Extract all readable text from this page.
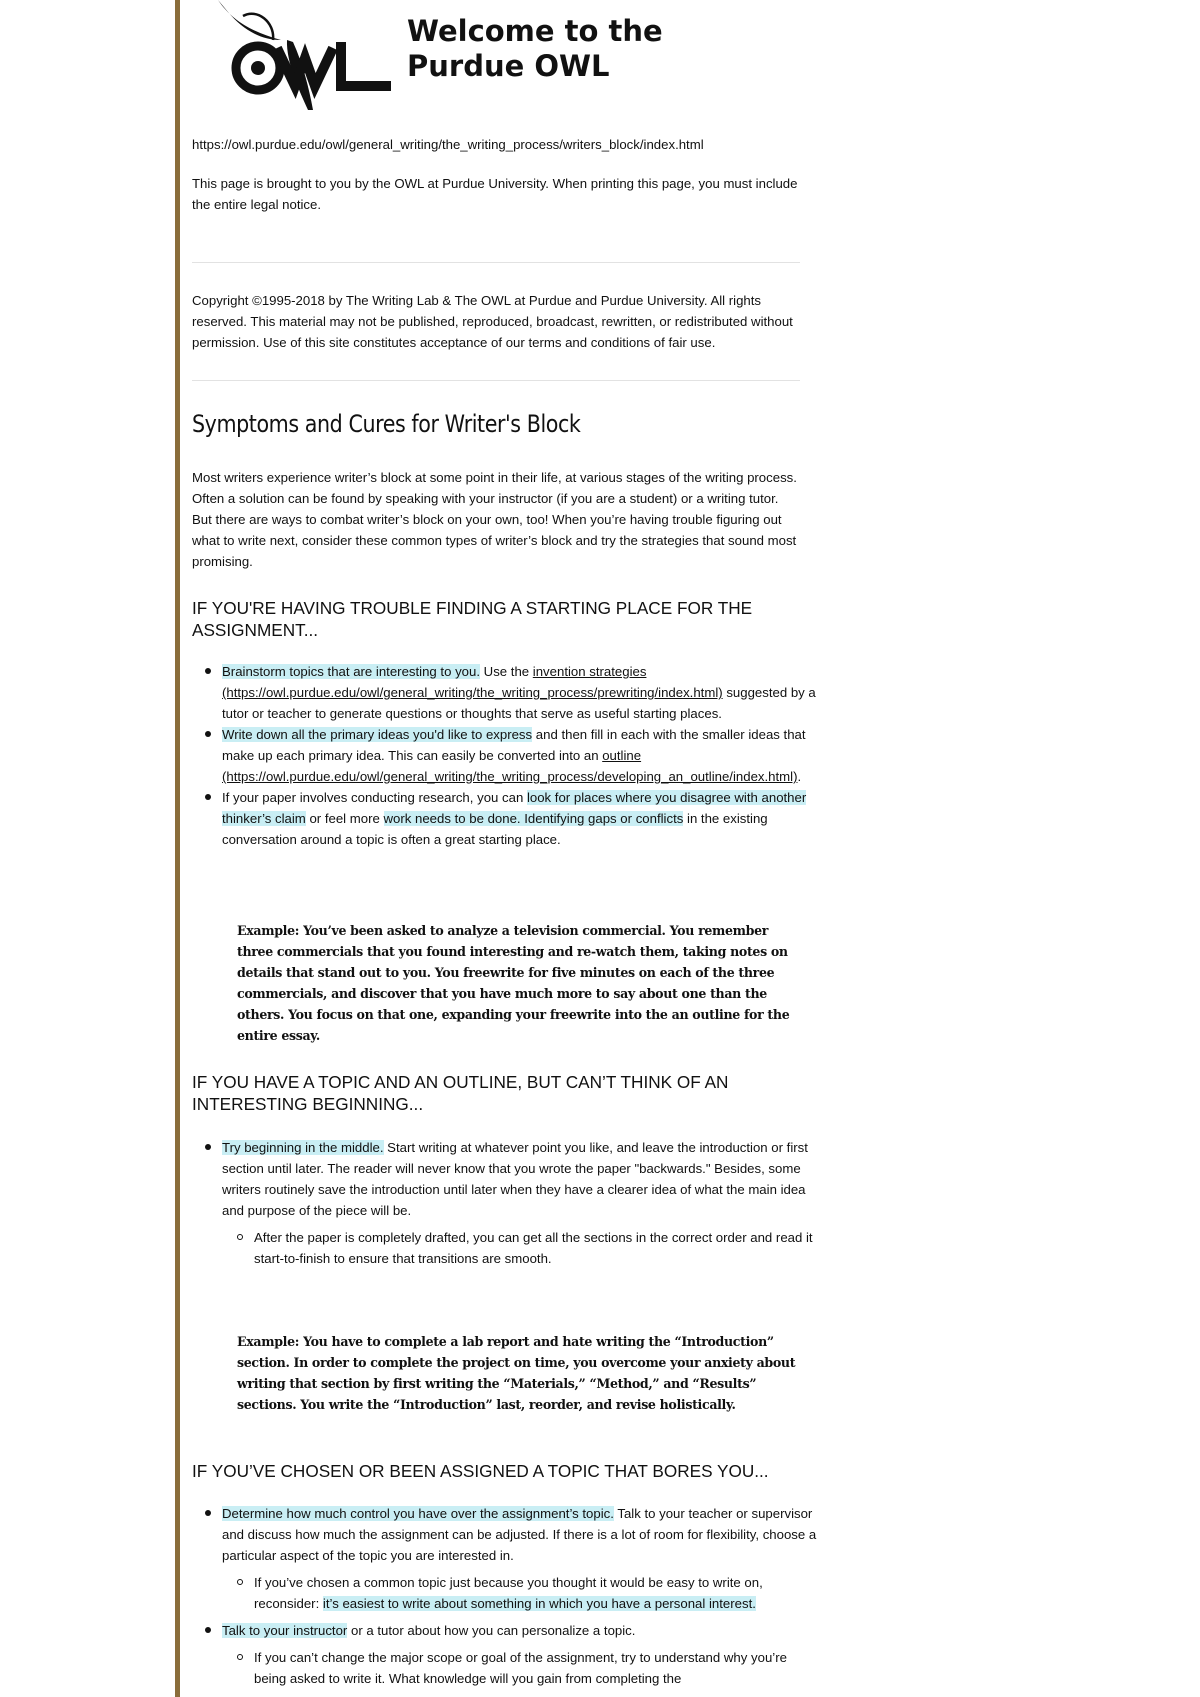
Welcome to the Purdue OWL

https://owl.purdue.edu/owl/general_writing/the_writing_process/writers_block/index.html

This page is brought to you by the OWL at Purdue University. When printing this page, you must include the entire legal notice.

Copyright ©1995-2018 by The Writing Lab & The OWL at Purdue and Purdue University. All rights reserved. This material may not be published, reproduced, broadcast, rewritten, or redistributed without permission. Use of this site constitutes acceptance of our terms and conditions of fair use.

Symptoms and Cures for Writer's Block

Most writers experience writer’s block at some point in their life, at various stages of the writing process. Often a solution can be found by speaking with your instructor (if you are a student) or a writing tutor. But there are ways to combat writer’s block on your own, too! When you’re having trouble figuring out what to write next, consider these common types of writer’s block and try the strategies that sound most promising.

IF YOU'RE HAVING TROUBLE FINDING A STARTING PLACE FOR THE ASSIGNMENT...
Brainstorm topics that are interesting to you. Use the invention strategies (https://owl.purdue.edu/owl/general_writing/the_writing_process/prewriting/index.html) suggested by a tutor or teacher to generate questions or thoughts that serve as useful starting places.
Write down all the primary ideas you'd like to express and then fill in each with the smaller ideas that make up each primary idea. This can easily be converted into an outline (https://owl.purdue.edu/owl/general_writing/the_writing_process/developing_an_outline/index.html).
If your paper involves conducting research, you can look for places where you disagree with another thinker’s claim or feel more work needs to be done. Identifying gaps or conflicts in the existing conversation around a topic is often a great starting place.

Example: You’ve been asked to analyze a television commercial. You remember three commercials that you found interesting and re-watch them, taking notes on details that stand out to you. You freewrite for five minutes on each of the three commercials, and discover that you have much more to say about one than the others. You focus on that one, expanding your freewrite into the an outline for the entire essay.

IF YOU HAVE A TOPIC AND AN OUTLINE, BUT CAN’T THINK OF AN INTERESTING BEGINNING...
Try beginning in the middle. Start writing at whatever point you like, and leave the introduction or first section until later. The reader will never know that you wrote the paper "backwards." Besides, some writers routinely save the introduction until later when they have a clearer idea of what the main idea and purpose of the piece will be.
After the paper is completely drafted, you can get all the sections in the correct order and read it start-to-finish to ensure that transitions are smooth.

Example: You have to complete a lab report and hate writing the “Introduction” section. In order to complete the project on time, you overcome your anxiety about writing that section by first writing the “Materials,” “Method,” and “Results” sections. You write the “Introduction” last, reorder, and revise holistically.

IF YOU’VE CHOSEN OR BEEN ASSIGNED A TOPIC THAT BORES YOU...
Determine how much control you have over the assignment’s topic. Talk to your teacher or supervisor and discuss how much the assignment can be adjusted. If there is a lot of room for flexibility, choose a particular aspect of the topic you are interested in.
If you’ve chosen a common topic just because you thought it would be easy to write on, reconsider: it’s easiest to write about something in which you have a personal interest.
Talk to your instructor or a tutor about how you can personalize a topic.
If you can’t change the major scope or goal of the assignment, try to understand why you’re being asked to write it. What knowledge will you gain from completing the
